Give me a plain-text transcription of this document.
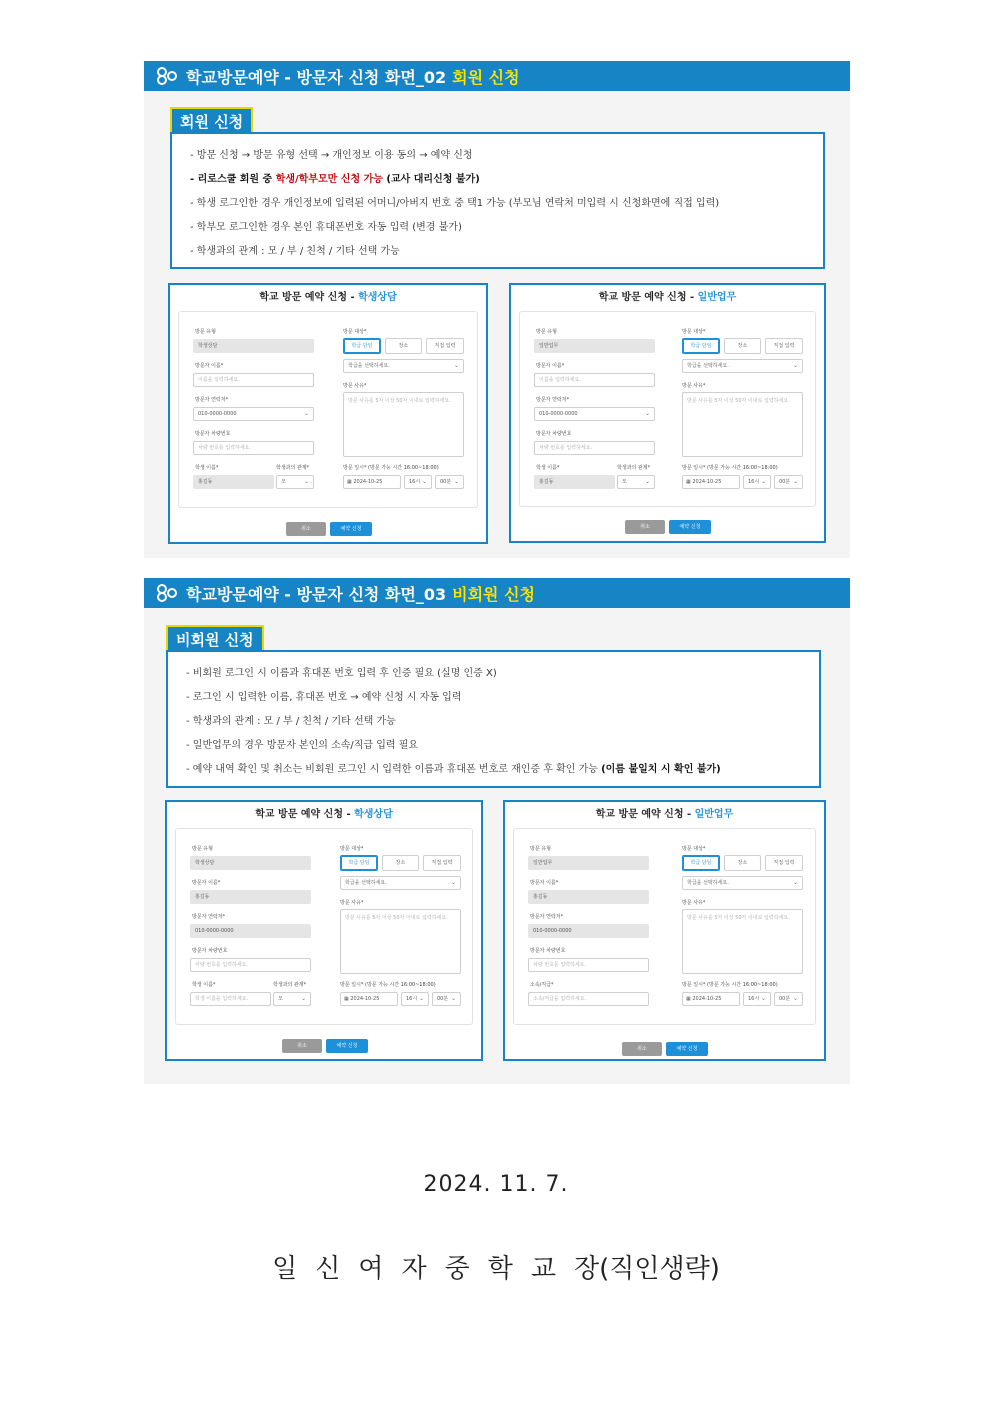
학교방문예약 - 방문자 신청 화면_02 회원 신청
회원 신청
- 방문 신청 → 방문 유형 선택 → 개인정보 이용 동의 → 예약 신청
- 리로스쿨 회원 중 학생/학부모만 신청 가능 (교사 대리신청 불가)
- 학생 로그인한 경우 개인정보에 입력된 어머니/아버지 번호 중 택1 가능 (부모님 연락처 미입력 시 신청화면에 직접 입력)
- 학부모 로그인한 경우 본인 휴대폰번호 자동 입력 (변경 불가)
- 학생과의 관계 : 모 / 부 / 친척 / 기타 선택 가능
학교 방문 예약 신청 - 학생상담
방문 유형
학생상담
방문자 이름*
이름을 입력하세요.
방문자 연락처*
010-0000-0000	⌄
방문자 차량번호
차량 번호를 입력하세요.
학생 이름*	학생과의 관계*
홍길동	모	⌄
방문 대상*
학급 담임	장소	직접 입력
학급을 선택하세요.	⌄
방문 사유*
방문 사유를 5자 이상 50자 이내로 입력하세요.
방문 일시* (방문 가능 시간 16:00~18:00)
▦ 2024-10-25	16시 ⌄	00분 ⌄
취소	예약 신청
학교 방문 예약 신청 - 일반업무
방문 유형
일반업무
방문자 이름*
이름을 입력하세요.
방문자 연락처*
010-0000-0000	⌄
방문자 차량번호
차량 번호를 입력하세요.
학생 이름*	학생과의 관계*
홍길동	모	⌄
방문 대상*
학급 담임	장소	직접 입력
학급을 선택하세요.	⌄
방문 사유*
방문 사유를 5자 이상 50자 이내로 입력하세요.
방문 일시* (방문 가능 시간 16:00~18:00)
▦ 2024-10-25	16시 ⌄	00분 ⌄
취소	예약 신청
학교방문예약 - 방문자 신청 화면_03 비회원 신청
비회원 신청
- 비회원 로그인 시 이름과 휴대폰 번호 입력 후 인증 필요 (실명 인증 X)
- 로그인 시 입력한 이름, 휴대폰 번호 → 예약 신청 시 자동 입력
- 학생과의 관계 : 모 / 부 / 친척 / 기타 선택 가능
- 일반업무의 경우 방문자 본인의 소속/직급 입력 필요
- 예약 내역 확인 및 취소는 비회원 로그인 시 입력한 이름과 휴대폰 번호로 재인증 후 확인 가능 (이름 불일치 시 확인 불가)
학교 방문 예약 신청 - 학생상담
방문 유형
학생상담
방문자 이름*
홍길동
방문자 연락처*
010-0000-0000
방문자 차량번호
차량 번호를 입력하세요.
학생 이름*	학생과의 관계*
학생 이름을 입력하세요.	모	⌄
방문 대상*
학급 담임	장소	직접 입력
학급을 선택하세요.	⌄
방문 사유*
방문 사유를 5자 이상 50자 이내로 입력하세요.
방문 일시* (방문 가능 시간 16:00~18:00)
▦ 2024-10-25	16시 ⌄	00분 ⌄
취소	예약 신청
학교 방문 예약 신청 - 일반업무
방문 유형
일반업무
방문자 이름*
홍길동
방문자 연락처*
010-0000-0000
방문자 차량번호
차량 번호를 입력하세요.
소속/직급*
소속/직급을 입력하세요.
방문 대상*
학급 담임	장소	직접 입력
학급을 선택하세요.	⌄
방문 사유*
방문 사유를 5자 이상 50자 이내로 입력하세요.
방문 일시* (방문 가능 시간 16:00~18:00)
▦ 2024-10-25	16시 ⌄	00분 ⌄
취소	예약 신청
2024. 11. 7.
일신여자중학교장(직인생략)
